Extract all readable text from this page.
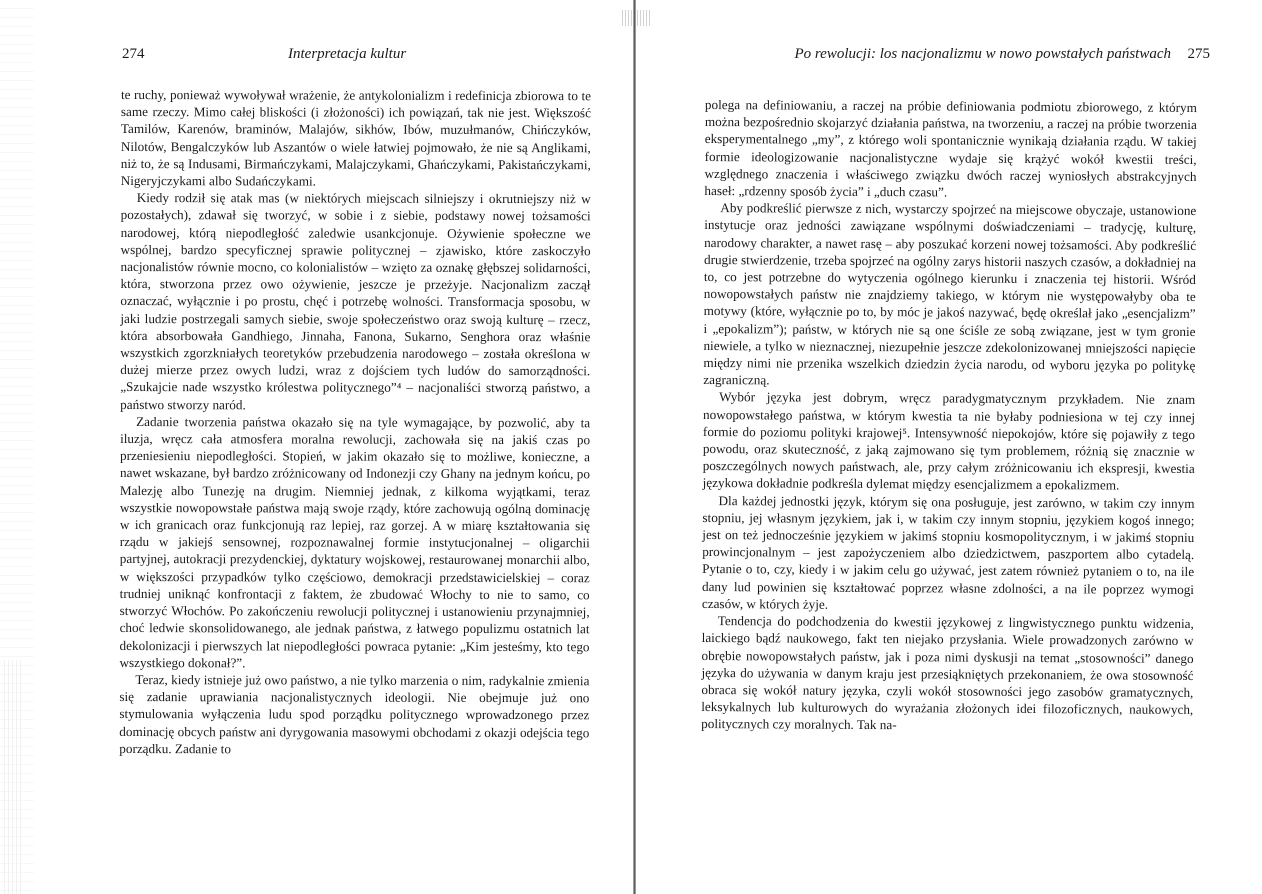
274	Interpretacja kultur

te ruchy, ponieważ wywoływał wrażenie, że antykolonializm i redefinicja zbiorowa to te same rzeczy. Mimo całej bliskości (i złożoności) ich powiązań, tak nie jest. Większość Tamilów, Karenów, braminów, Malajów, sikhów, Ibów, muzułmanów, Chińczyków, Nilotów, Bengalczyków lub Aszantów o wiele łatwiej pojmowało, że nie są Anglikami, niż to, że są Indusami, Birmańczykami, Malajczykami, Ghańczykami, Pakistańczykami, Nigeryjczykami albo Sudańczykami.

Kiedy rodził się atak mas (w niektórych miejscach silniejszy i okrutniejszy niż w pozostałych), zdawał się tworzyć, w sobie i z siebie, podstawy nowej tożsamości narodowej, którą niepodległość zaledwie usankcjonuje. Ożywienie społeczne we wspólnej, bardzo specyficznej sprawie politycznej – zjawisko, które zaskoczyło nacjonalistów równie mocno, co kolonialistów – wzięto za oznakę głębszej solidarności, która, stworzona przez owo ożywienie, jeszcze je przeżyje. Nacjonalizm zaczął oznaczać, wyłącznie i po prostu, chęć i potrzebę wolności. Transformacja sposobu, w jaki ludzie postrzegali samych siebie, swoje społeczeństwo oraz swoją kulturę – rzecz, która absorbowała Gandhiego, Jinnaha, Fanona, Sukarno, Senghora oraz właśnie wszystkich zgorzkniałych teoretyków przebudzenia narodowego – została określona w dużej mierze przez owych ludzi, wraz z dojściem tych ludów do samorządności. „Szukajcie nade wszystko królestwa politycznego”⁴ – nacjonaliści stworzą państwo, a państwo stworzy naród.

Zadanie tworzenia państwa okazało się na tyle wymagające, by pozwolić, aby ta iluzja, wręcz cała atmosfera moralna rewolucji, zachowała się na jakiś czas po przeniesieniu niepodległości. Stopień, w jakim okazało się to możliwe, konieczne, a nawet wskazane, był bardzo zróżnicowany od Indonezji czy Ghany na jednym końcu, po Malezję albo Tunezję na drugim. Niemniej jednak, z kilkoma wyjątkami, teraz wszystkie nowopowstałe państwa mają swoje rządy, które zachowują ogólną dominację w ich granicach oraz funkcjonują raz lepiej, raz gorzej. A w miarę kształtowania się rządu w jakiejś sensownej, rozpoznawalnej formie instytucjonalnej – oligarchii partyjnej, autokracji prezydenckiej, dyktatury wojskowej, restaurowanej monarchii albo, w większości przypadków tylko częściowo, demokracji przedstawicielskiej – coraz trudniej uniknąć konfrontacji z faktem, że zbudować Włochy to nie to samo, co stworzyć Włochów. Po zakończeniu rewolucji politycznej i ustanowieniu przynajmniej, choć ledwie skonsolidowanego, ale jednak państwa, z łatwego populizmu ostatnich lat dekolonizacji i pierwszych lat niepodległości powraca pytanie: „Kim jesteśmy, kto tego wszystkiego dokonał?”.

Teraz, kiedy istnieje już owo państwo, a nie tylko marzenia o nim, radykalnie zmienia się zadanie uprawiania nacjonalistycznych ideologii. Nie obejmuje już ono stymulowania wyłączenia ludu spod porządku politycznego wprowadzonego przez dominację obcych państw ani dyrygowania masowymi obchodami z okazji odejścia tego porządku. Zadanie to

Po rewolucji: los nacjonalizmu w nowo powstałych państwach 275

polega na definiowaniu, a raczej na próbie definiowania podmiotu zbiorowego, z którym można bezpośrednio skojarzyć działania państwa, na tworzeniu, a raczej na próbie tworzenia eksperymentalnego „my”, z którego woli spontanicznie wynikają działania rządu. W takiej formie ideologizowanie nacjonalistyczne wydaje się krążyć wokół kwestii treści, względnego znaczenia i właściwego związku dwóch raczej wyniosłych abstrakcyjnych haseł: „rdzenny sposób życia” i „duch czasu”.

Aby podkreślić pierwsze z nich, wystarczy spojrzeć na miejscowe obyczaje, ustanowione instytucje oraz jedności zawiązane wspólnymi doświadczeniami – tradycję, kulturę, narodowy charakter, a nawet rasę – aby poszukać korzeni nowej tożsamości. Aby podkreślić drugie stwierdzenie, trzeba spojrzeć na ogólny zarys historii naszych czasów, a dokładniej na to, co jest potrzebne do wytyczenia ogólnego kierunku i znaczenia tej historii. Wśród nowopowstałych państw nie znajdziemy takiego, w którym nie występowałyby oba te motywy (które, wyłącznie po to, by móc je jakoś nazywać, będę określał jako „esencjalizm” i „epokalizm”); państw, w których nie są one ściśle ze sobą związane, jest w tym gronie niewiele, a tylko w nieznacznej, niezupełnie jeszcze zdekolonizowanej mniejszości napięcie między nimi nie przenika wszelkich dziedzin życia narodu, od wyboru języka po politykę zagraniczną.

Wybór języka jest dobrym, wręcz paradygmatycznym przykładem. Nie znam nowopowstałego państwa, w którym kwestia ta nie byłaby podniesiona w tej czy innej formie do poziomu polityki krajowej⁵. Intensywność niepokojów, które się pojawiły z tego powodu, oraz skuteczność, z jaką zajmowano się tym problemem, różnią się znacznie w poszczególnych nowych państwach, ale, przy całym zróżnicowaniu ich ekspresji, kwestia językowa dokładnie podkreśla dylemat między esencjalizmem a epokalizmem.

Dla każdej jednostki język, którym się ona posługuje, jest zarówno, w takim czy innym stopniu, jej własnym językiem, jak i, w takim czy innym stopniu, językiem kogoś innego; jest on też jednocześnie językiem w jakimś stopniu kosmopolitycznym, i w jakimś stopniu prowincjonalnym – jest zapożyczeniem albo dziedzictwem, paszportem albo cytadelą. Pytanie o to, czy, kiedy i w jakim celu go używać, jest zatem również pytaniem o to, na ile dany lud powinien się kształtować poprzez własne zdolności, a na ile poprzez wymogi czasów, w których żyje.

Tendencja do podchodzenia do kwestii językowej z lingwistycznego punktu widzenia, laickiego bądź naukowego, fakt ten niejako przysłania. Wiele prowadzonych zarówno w obrębie nowopowstałych państw, jak i poza nimi dyskusji na temat „stosowności” danego języka do używania w danym kraju jest przesiąkniętych przekonaniem, że owa stosowność obraca się wokół natury języka, czyli wokół stosowności jego zasobów gramatycznych, leksykalnych lub kulturowych do wyrażania złożonych idei filozoficznych, naukowych, politycznych czy moralnych. Tak na-
